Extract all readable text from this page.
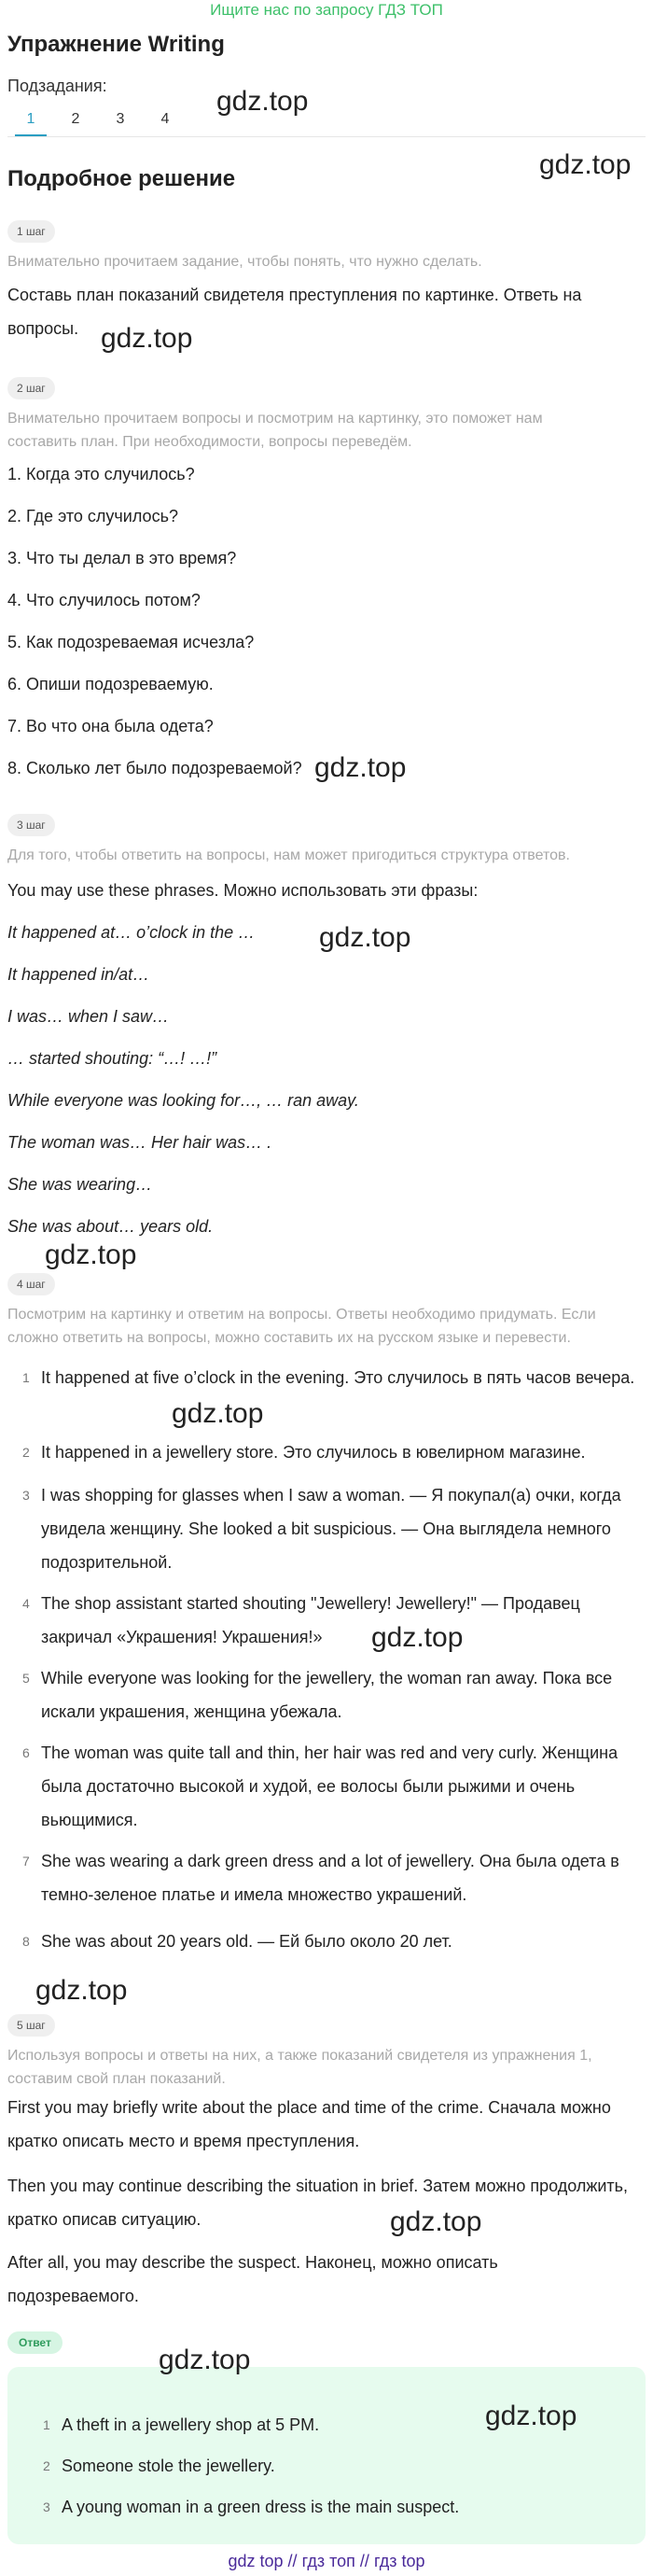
Ищите нас по запросу ГДЗ ТОП
Упражнение Writing
Подзадания:
1	2	3	4
gdz.top
Подробное решение	gdz.top
1 шаг
Внимательно прочитаем задание, чтобы понять, что нужно сделать.
Составь план показаний свидетеля преступления по картинке. Ответь на вопросы. gdz.top
2 шаг
Внимательно прочитаем вопросы и посмотрим на картинку, это поможет нам составить план. При необходимости, вопросы переведём.
1. Когда это случилось?
2. Где это случилось?
3. Что ты делал в это время?
4. Что случилось потом?
5. Как подозреваемая исчезла?
6. Опиши подозреваемую.
7. Во что она была одета?
8. Сколько лет было подозреваемой? gdz.top
3 шаг
Для того, чтобы ответить на вопросы, нам может пригодиться структура ответов.
You may use these phrases. Можно использовать эти фразы:
It happened at… o’clock in the …
It happened in/at…
I was… when I saw…
… started shouting: “…! …!”
While everyone was looking for…, … ran away.
The woman was… Her hair was… .
She was wearing…
She was about… years old.
gdz.top
gdz.top
4 шаг
Посмотрим на картинку и ответим на вопросы. Ответы необходимо придумать. Если сложно ответить на вопросы, можно составить их на русском языке и перевести.
1 It happened at five o’clock in the evening. Это случилось в пять часов вечера.
2 It happened in a jewellery store. Это случилось в ювелирном магазине.
3 I was shopping for glasses when I saw a woman. — Я покупал(а) очки, когда увидела женщину. She looked a bit suspicious. — Она выглядела немного подозрительной.
4 The shop assistant started shouting "Jewellery! Jewellery!" — Продавец закричал «Украшения! Украшения!»
5 While everyone was looking for the jewellery, the woman ran away. Пока все искали украшения, женщина убежала.
6 The woman was quite tall and thin, her hair was red and very curly. Женщина была достаточно высокой и худой, ее волосы были рыжими и очень вьющимися.
7 She was wearing a dark green dress and a lot of jewellery. Она была одета в темно-зеленое платье и имела множество украшений.
8 She was about 20 years old. — Ей было около 20 лет.
gdz.top
gdz.top
gdz.top
5 шаг
Используя вопросы и ответы на них, а также показаний свидетеля из упражнения 1, составим свой план показаний.
First you may briefly write about the place and time of the crime. Сначала можно кратко описать место и время преступления.
Then you may continue describing the situation in brief. Затем можно продолжить, кратко описав ситуацию.
After all, you may describe the suspect. Наконец, можно описать подозреваемого.
gdz.top
Ответ
1 A theft in a jewellery shop at 5 PM.
2 Someone stole the jewellery.
3 A young woman in a green dress is the main suspect.
gdz.top
gdz.top
gdz top // гдз топ // гдз top
